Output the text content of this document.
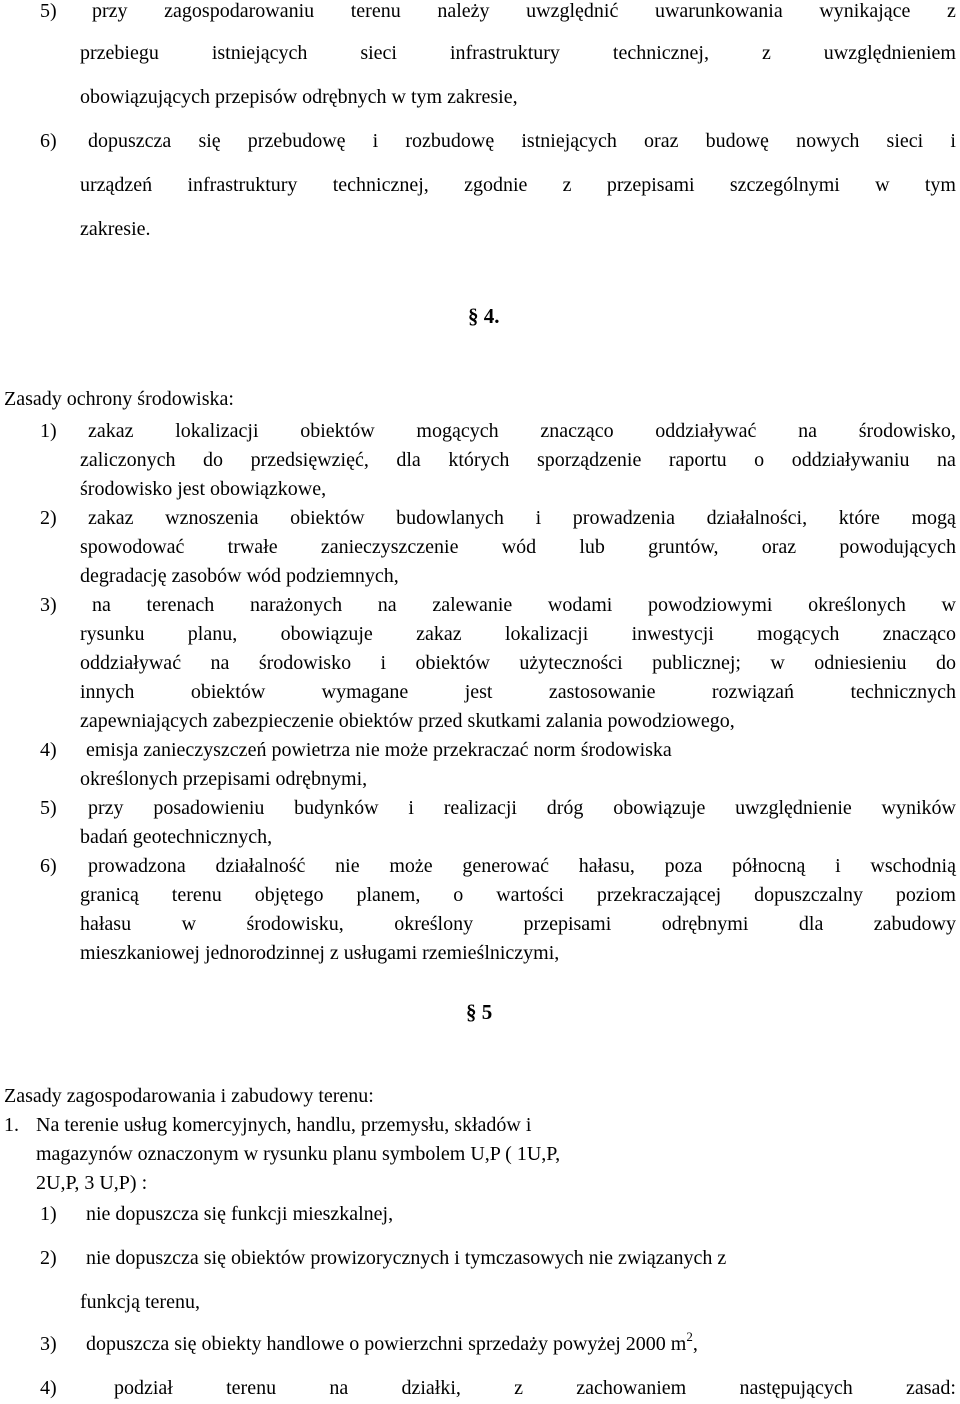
5) przy zagospodarowaniu terenu należy uwzględnić uwarunkowania wynikające z
przebiegu	istniejących	sieci	infrastruktury	technicznej,	z	uwzględnieniem
obowiązujących przepisów odrębnych w tym zakresie,
6) dopuszcza się przebudowę i rozbudowę istniejących oraz budowę nowych sieci i
urządzeń infrastruktury technicznej, zgodnie z przepisami szczególnymi w tym
zakresie.
§ 4.
Zasady ochrony środowiska:
1) zakaz lokalizacji obiektów mogących znacząco oddziaływać na środowisko,
zaliczonych do przedsięwzięć, dla których sporządzenie raportu o oddziaływaniu na
środowisko jest obowiązkowe,
2) zakaz wznoszenia obiektów budowlanych i prowadzenia działalności, które mogą
spowodować trwałe zanieczyszczenie wód lub gruntów, oraz powodujących
degradację zasobów wód podziemnych,
3) na terenach narażonych na zalewanie wodami powodziowymi określonych w
rysunku planu, obowiązuje zakaz lokalizacji inwestycji mogących znacząco
oddziaływać na środowisko i obiektów użyteczności publicznej; w odniesieniu do
innych	obiektów	wymagane	jest	zastosowanie	rozwiązań	technicznych
zapewniających zabezpieczenie obiektów przed skutkami zalania powodziowego,
4) emisja zanieczyszczeń powietrza nie może przekraczać norm środowiska
określonych przepisami odrębnymi,
5) przy posadowieniu budynków i realizacji dróg obowiązuje uwzględnienie wyników
badań geotechnicznych,
6) prowadzona działalność nie może generować hałasu, poza północną i wschodnią
granicą terenu objętego planem, o wartości przekraczającej dopuszczalny poziom
hałasu	w	środowisku,	określony	przepisami	odrębnymi	dla	zabudowy
mieszkaniowej jednorodzinnej z usługami rzemieślniczymi,
§ 5
Zasady zagospodarowania i zabudowy terenu:
1. Na terenie usług komercyjnych, handlu, przemysłu, składów i
magazynów oznaczonym w rysunku planu symbolem U,P ( 1U,P,
2U,P, 3 U,P) :
1) nie dopuszcza się funkcji mieszkalnej,
2) nie dopuszcza się obiektów prowizorycznych i tymczasowych nie związanych z
funkcją terenu,
3) dopuszcza się obiekty handlowe o powierzchni sprzedaży powyżej 2000 $m^2$,
4)	podział	terenu	na	działki,	z	zachowaniem	następujących	zasad:
